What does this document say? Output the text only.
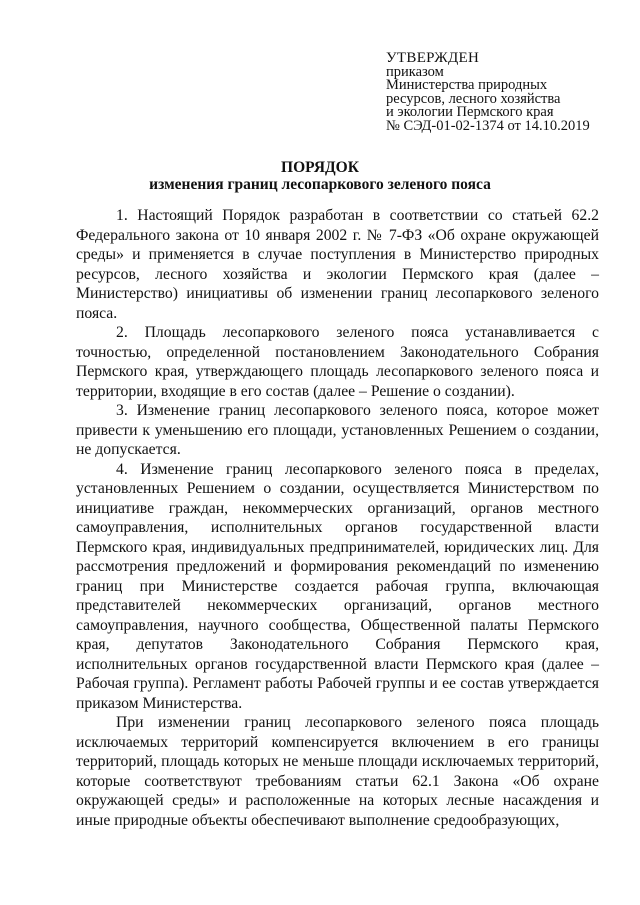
УТВЕРЖДЕН
приказом
Министерства природных
ресурсов, лесного хозяйства
и экологии Пермского края
№ СЭД-01-02-1374 от 14.10.2019
ПОРЯДОК
изменения границ лесопаркового зеленого пояса

1. Настоящий Порядок разработан в соответствии со статьей 62.2 Федерального закона от 10 января 2002 г. № 7-ФЗ «Об охране окружающей среды» и применяется в случае поступления в Министерство природных ресурсов, лесного хозяйства и экологии Пермского края (далее – Министерство) инициативы об изменении границ лесопаркового зеленого пояса.

2. Площадь лесопаркового зеленого пояса устанавливается с точностью, определенной постановлением Законодательного Собрания Пермского края, утверждающего площадь лесопаркового зеленого пояса и территории, входящие в его состав (далее – Решение о создании).

3. Изменение границ лесопаркового зеленого пояса, которое может привести к уменьшению его площади, установленных Решением о создании, не допускается.

4. Изменение границ лесопаркового зеленого пояса в пределах, установленных Решением о создании, осуществляется Министерством по инициативе граждан, некоммерческих организаций, органов местного самоуправления, исполнительных органов государственной власти Пермского края, индивидуальных предпринимателей, юридических лиц. Для рассмотрения предложений и формирования рекомендаций по изменению границ при Министерстве создается рабочая группа, включающая представителей некоммерческих организаций, органов местного самоуправления, научного сообщества, Общественной палаты Пермского края, депутатов Законодательного Собрания Пермского края, исполнительных органов государственной власти Пермского края (далее – Рабочая группа). Регламент работы Рабочей группы и ее состав утверждается приказом Министерства.

При изменении границ лесопаркового зеленого пояса площадь исключаемых территорий компенсируется включением в его границы территорий, площадь которых не меньше площади исключаемых территорий, которые соответствуют требованиям статьи 62.1 Закона «Об охране окружающей среды» и расположенные на которых лесные насаждения и иные природные объекты обеспечивают выполнение средообразующих,
